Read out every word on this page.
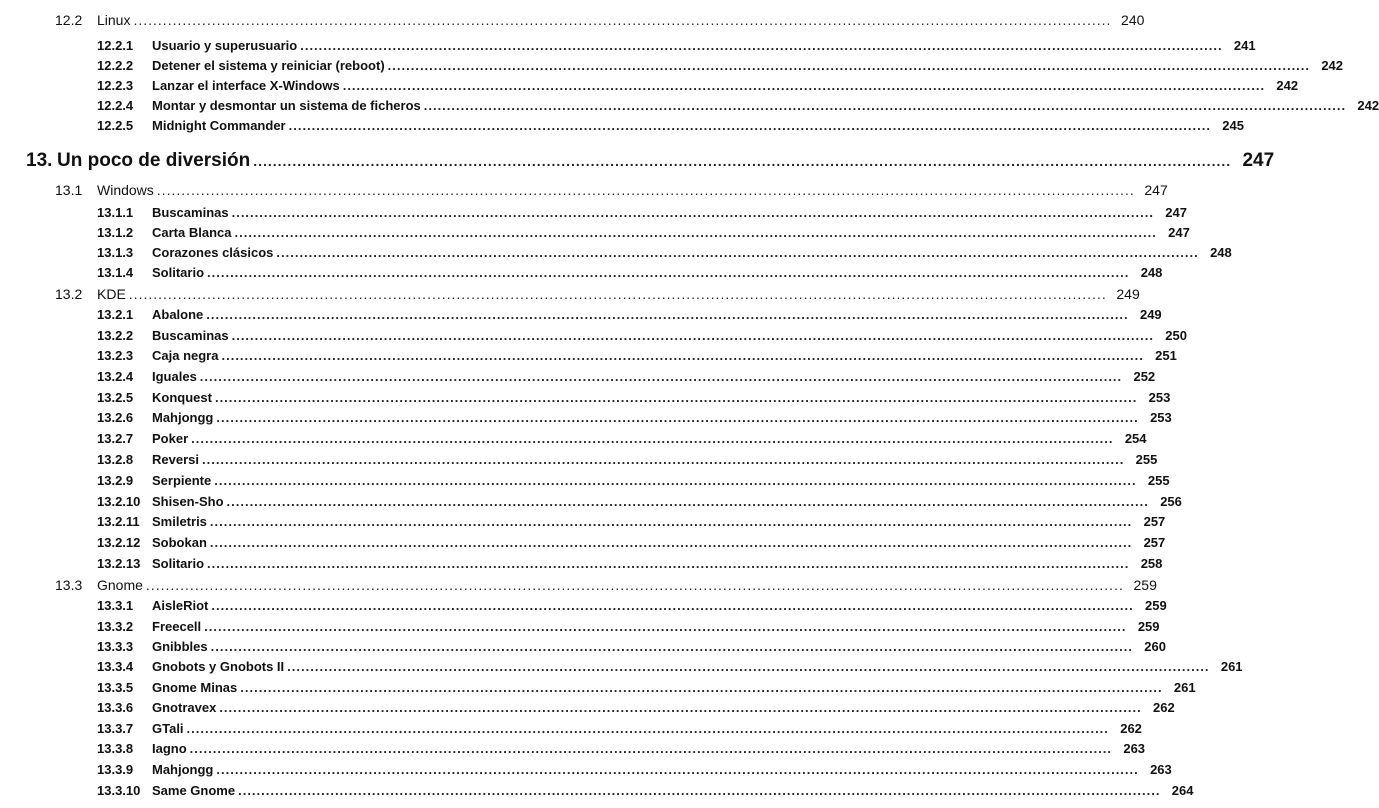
12.2	Linux ........................................................................................................................................................................................................ 240
12.2.1	Usuario y superusuario ........................................................................................................................................................................................................ 241
12.2.2	Detener el sistema y reiniciar (reboot) ........................................................................................................................................................................................................ 242
12.2.3	Lanzar el interface X-Windows ........................................................................................................................................................................................................ 242
12.2.4	Montar y desmontar un sistema de ficheros ........................................................................................................................................................................................................ 242
12.2.5	Midnight Commander ........................................................................................................................................................................................................ 245
13. Un poco de diversión ........................................................................................................................................................................................................ 247
13.1	Windows ........................................................................................................................................................................................................ 247
13.1.1	Buscaminas ........................................................................................................................................................................................................ 247
13.1.2	Carta Blanca ........................................................................................................................................................................................................ 247
13.1.3	Corazones clásicos ........................................................................................................................................................................................................ 248
13.1.4	Solitario ........................................................................................................................................................................................................ 248
13.2	KDE ........................................................................................................................................................................................................ 249
13.2.1	Abalone ........................................................................................................................................................................................................ 249
13.2.2	Buscaminas ........................................................................................................................................................................................................ 250
13.2.3	Caja negra ........................................................................................................................................................................................................ 251
13.2.4	Iguales ........................................................................................................................................................................................................ 252
13.2.5	Konquest ........................................................................................................................................................................................................ 253
13.2.6	Mahjongg ........................................................................................................................................................................................................ 253
13.2.7	Poker ........................................................................................................................................................................................................ 254
13.2.8	Reversi ........................................................................................................................................................................................................ 255
13.2.9	Serpiente ........................................................................................................................................................................................................ 255
13.2.10 Shisen-Sho ........................................................................................................................................................................................................ 256
13.2.11 Smiletris ........................................................................................................................................................................................................ 257
13.2.12 Sobokan ........................................................................................................................................................................................................ 257
13.2.13 Solitario ........................................................................................................................................................................................................ 258
13.3	Gnome ........................................................................................................................................................................................................ 259
13.3.1	AisleRiot ........................................................................................................................................................................................................ 259
13.3.2	Freecell ........................................................................................................................................................................................................ 259
13.3.3	Gnibbles ........................................................................................................................................................................................................ 260
13.3.4	Gnobots y Gnobots II ........................................................................................................................................................................................................ 261
13.3.5	Gnome Minas ........................................................................................................................................................................................................ 261
13.3.6	Gnotravex ........................................................................................................................................................................................................ 262
13.3.7	GTali ........................................................................................................................................................................................................ 262
13.3.8	Iagno ........................................................................................................................................................................................................ 263
13.3.9	Mahjongg ........................................................................................................................................................................................................ 263
13.3.10 Same Gnome ........................................................................................................................................................................................................ 264
